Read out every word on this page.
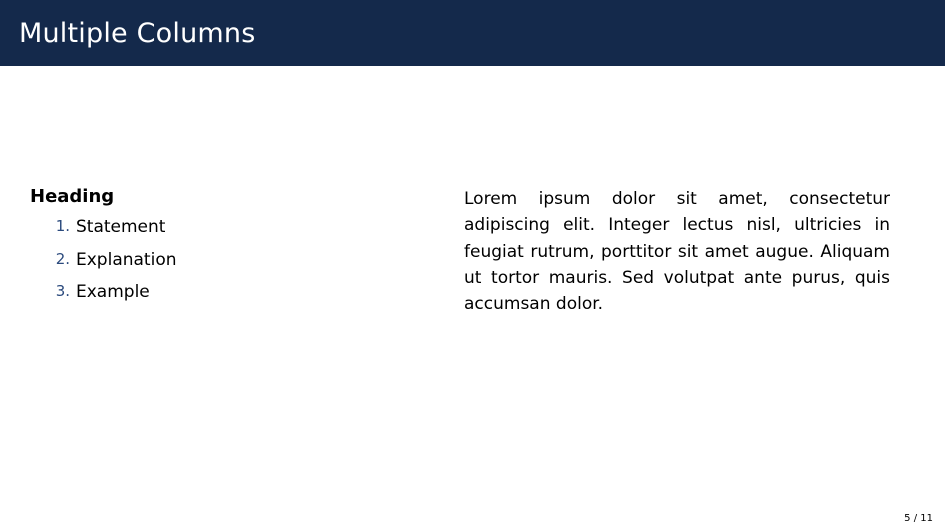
Multiple Columns
Heading
1. Statement
2. Explanation
3. Example

Lorem ipsum dolor sit amet, consectetur adipiscing elit. Integer lectus nisl, ultricies in feugiat rutrum, porttitor sit amet augue. Aliquam ut tortor mauris. Sed volutpat ante purus, quis accumsan dolor.

5 / 11
